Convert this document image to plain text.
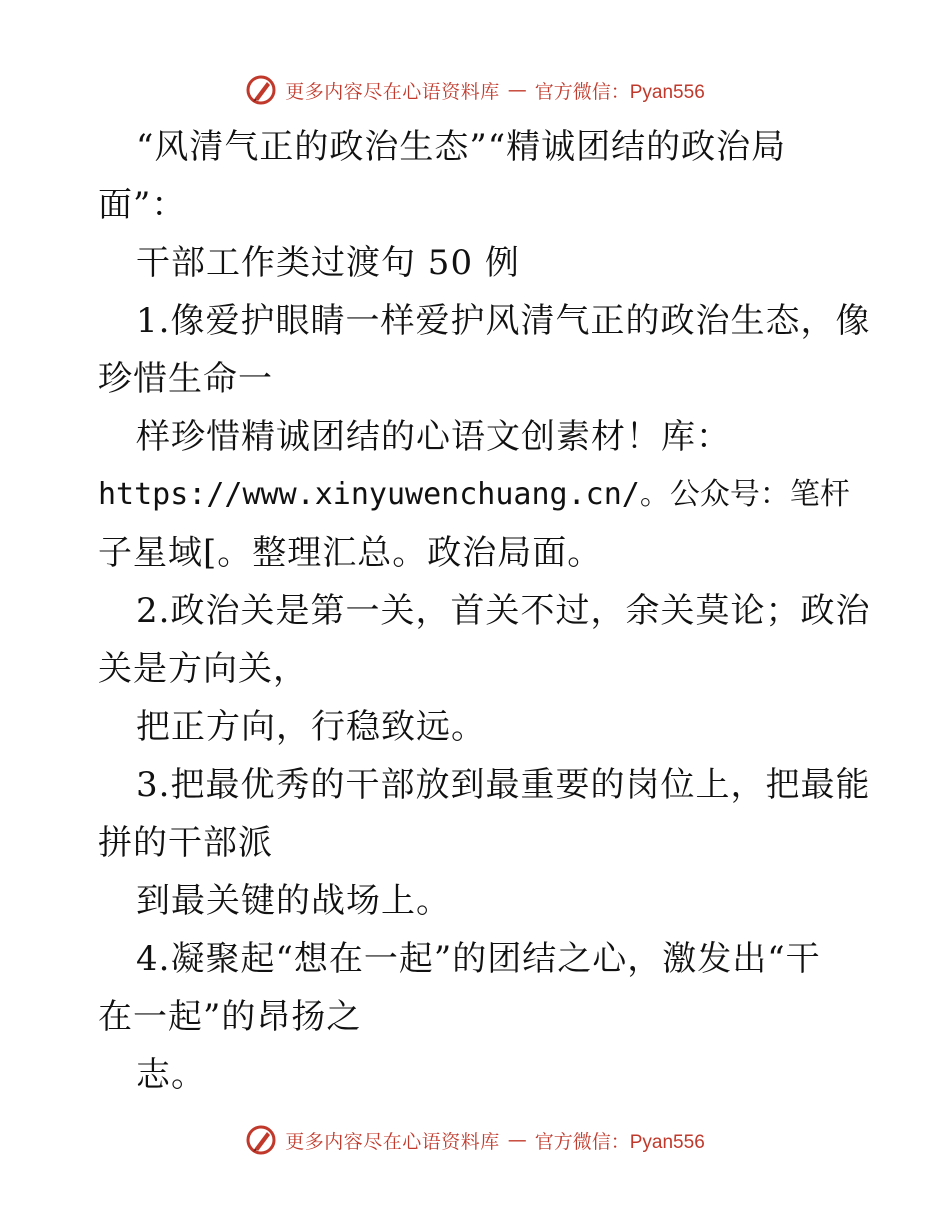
更多内容尽在心语资料库 — 官方微信：Pyan556
“风清气正的政治生态”“精诚团结的政治局
面”：
干部工作类过渡句 50 例
1.像爱护眼睛一样爱护风清气正的政治生态，像
珍惜生命一
样珍惜精诚团结的心语文创素材！库：
https://www.xinyuwenchuang.cn/。公众号：笔杆
子星域[。整理汇总。政治局面。
2.政治关是第一关，首关不过，余关莫论；政治
关是方向关，
把正方向，行稳致远。
3.把最优秀的干部放到最重要的岗位上，把最能
拼的干部派
到最关键的战场上。
4.凝聚起“想在一起”的团结之心，激发出“干
在一起”的昂扬之
志。
更多内容尽在心语资料库 — 官方微信：Pyan556
